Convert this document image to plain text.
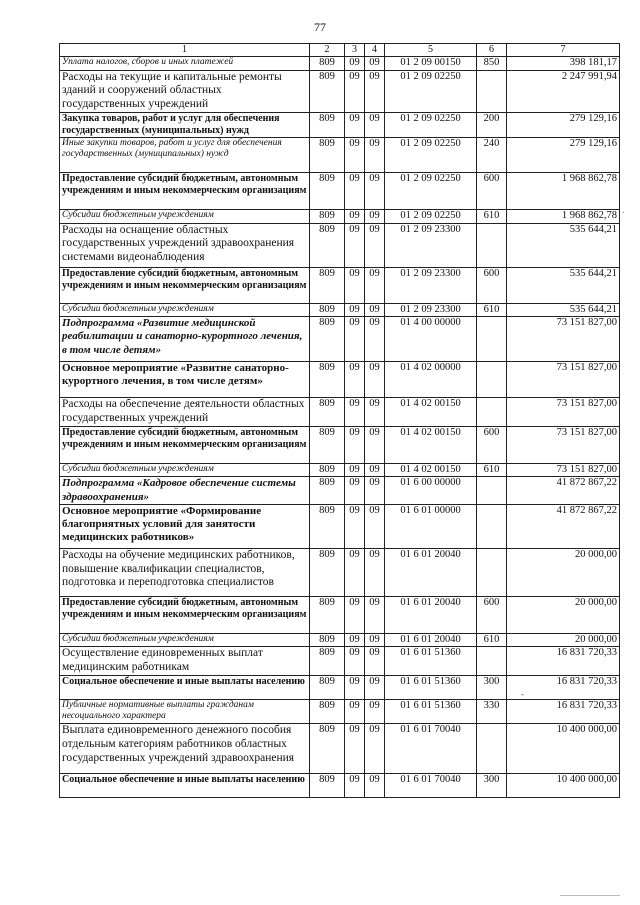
77
1	2	3	4	5	6	7
Уплата налогов, сборов и иных платежей	809	09	09	01 2 09 00150	850	398 181,17
Расходы на текущие и капитальные ремонты зданий и сооружений областных государственных учреждений	809	09	09	01 2 09 02250		2 247 991,94
Закупка товаров, работ и услуг для обеспечения государственных (муниципальных) нужд	809	09	09	01 2 09 02250	200	279 129,16
Иные закупки товаров, работ и услуг для обеспечения государственных (муниципальных) нужд	809	09	09	01 2 09 02250	240	279 129,16
Предоставление субсидий бюджетным, автономным учреждениям и иным некоммерческим организациям	809	09	09	01 2 09 02250	600	1 968 862,78
Субсидии бюджетным учреждениям	809	09	09	01 2 09 02250	610	1 968 862,78
Расходы на оснащение областных государственных учреждений здравоохранения системами видеонаблюдения	809	09	09	01 2 09 23300		535 644,21
Предоставление субсидий бюджетным, автономным учреждениям и иным некоммерческим организациям	809	09	09	01 2 09 23300	600	535 644,21
Субсидии бюджетным учреждениям	809	09	09	01 2 09 23300	610	535 644,21
Подпрограмма «Развитие медицинской реабилитации и санаторно-курортного лечения, в том числе детям»	809	09	09	01 4 00 00000		73 151 827,00
Основное мероприятие «Развитие санаторно-курортного лечения, в том числе детям»	809	09	09	01 4 02 00000		73 151 827,00
Расходы на обеспечение деятельности областных государственных учреждений	809	09	09	01 4 02 00150		73 151 827,00
Предоставление субсидий бюджетным, автономным учреждениям и иным некоммерческим организациям	809	09	09	01 4 02 00150	600	73 151 827,00
Субсидии бюджетным учреждениям	809	09	09	01 4 02 00150	610	73 151 827,00
Подпрограмма «Кадровое обеспечение системы здравоохранения»	809	09	09	01 6 00 00000		41 872 867,22
Основное мероприятие «Формирование благоприятных условий для занятости медицинских работников»	809	09	09	01 6 01 00000		41 872 867,22
Расходы на обучение медицинских работников, повышение квалификации специалистов, подготовка и переподготовка специалистов	809	09	09	01 6 01 20040		20 000,00
Предоставление субсидий бюджетным, автономным учреждениям и иным некоммерческим организациям	809	09	09	01 6 01 20040	600	20 000,00
Субсидии бюджетным учреждениям	809	09	09	01 6 01 20040	610	20 000,00
Осуществление единовременных выплат медицинским работникам	809	09	09	01 6 01 51360		16 831 720,33
Социальное обеспечение и иные выплаты населению	809	09	09	01 6 01 51360	300	16 831 720,33
Публичные нормативные выплаты гражданам несоциального характера	809	09	09	01 6 01 51360	330	16 831 720,33
Выплата единовременного денежного пособия отдельным категориям работников областных государственных учреждений здравоохранения	809	09	09	01 6 01 70040		10 400 000,00
Социальное обеспечение и иные выплаты населению	809	09	09	01 6 01 70040	300	10 400 000,00
-
.
